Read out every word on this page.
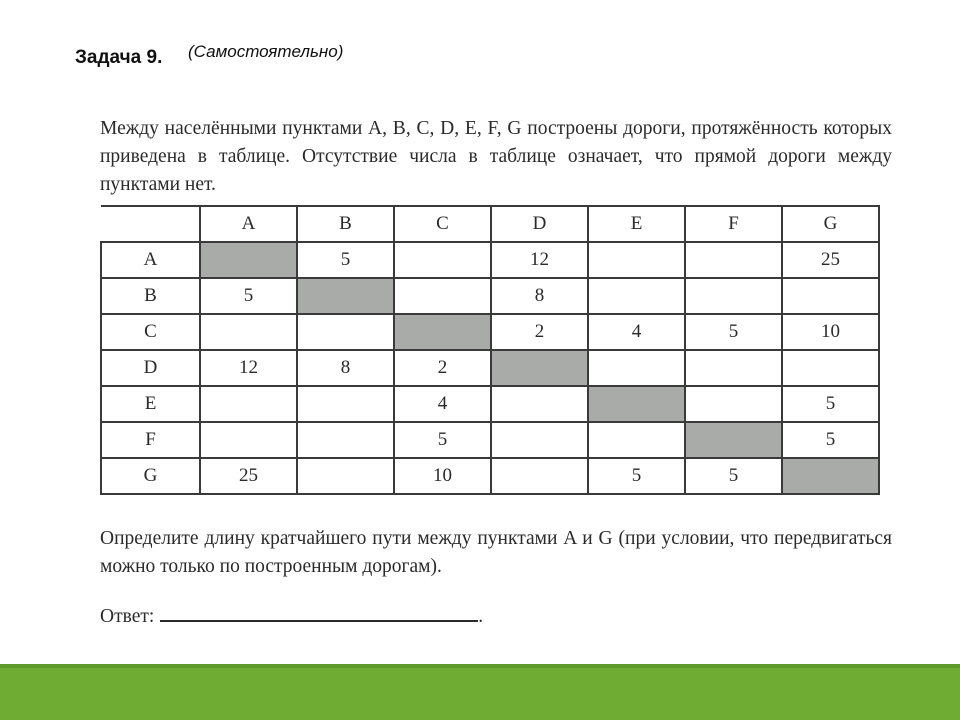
Задача 9. (Самостоятельно)

Между населёнными пунктами A, B, C, D, E, F, G построены дороги, протяжённость которых приведена в таблице. Отсутствие числа в таблице означает, что прямой дороги между пунктами нет.

	A	B	C	D	E	F	G
A		5		12			25
B	5			8			
C				2	4	5	10
D	12	8	2				
E			4				5
F			5				5
G	25		10		5	5	

Определите длину кратчайшего пути между пунктами A и G (при условии, что передвигаться можно только по построенным дорогам).

Ответ:	.
